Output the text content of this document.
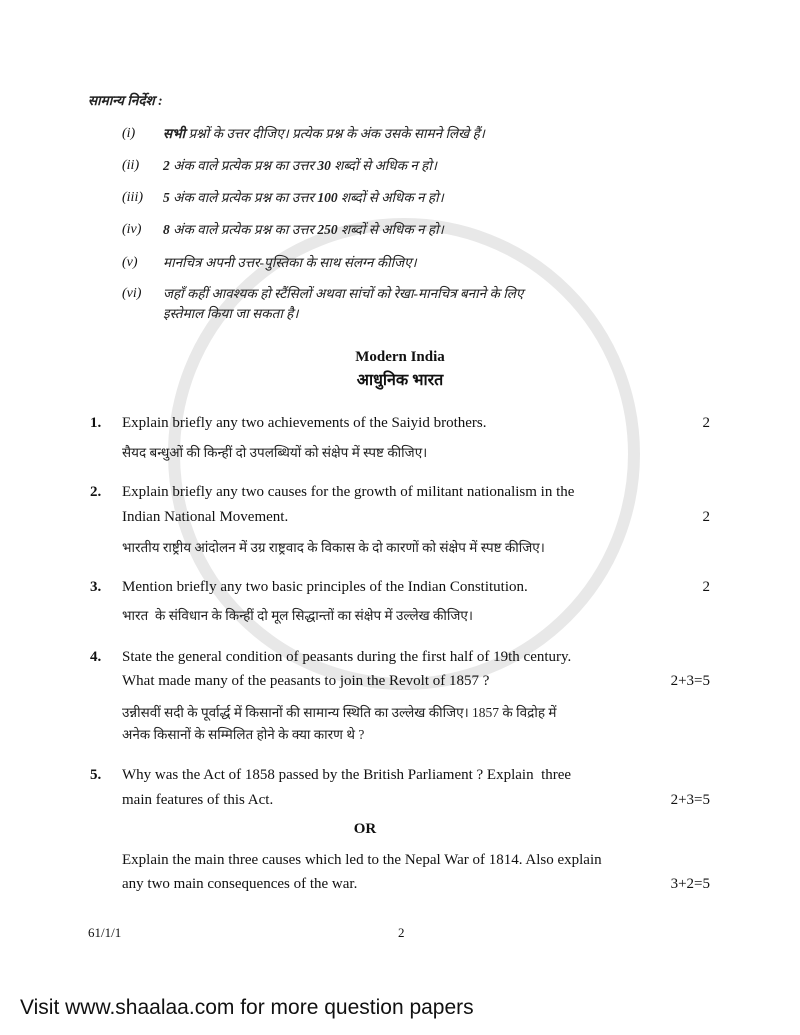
सामान्य निर्देश :
(i) सभी प्रश्नों के उत्तर दीजिए। प्रत्येक प्रश्न के अंक उसके सामने लिखे हैं।
(ii) 2 अंक वाले प्रत्येक प्रश्न का उत्तर 30 शब्दों से अधिक न हो।
(iii) 5 अंक वाले प्रत्येक प्रश्न का उत्तर 100 शब्दों से अधिक न हो।
(iv) 8 अंक वाले प्रत्येक प्रश्न का उत्तर 250 शब्दों से अधिक न हो।
(v) मानचित्र अपनी उत्तर-पुस्तिका के साथ संलग्न कीजिए।
(vi) जहाँ कहीं आवश्यक हो स्टैंसिलों अथवा सांचों को रेखा-मानचित्र बनाने के लिए
इस्तेमाल किया जा सकता है।
Modern India
आधुनिक भारत
1. Explain briefly any two achievements of the Saiyid brothers.	2
सैयद बन्धुओं की किन्हीं दो उपलब्धियों को संक्षेप में स्पष्ट कीजिए।
2. Explain briefly any two causes for the growth of militant nationalism in the
Indian National Movement.	2
भारतीय राष्ट्रीय आंदोलन में उग्र राष्ट्रवाद के विकास के दो कारणों को संक्षेप में स्पष्ट कीजिए।
3. Mention briefly any two basic principles of the Indian Constitution.	2
भारत  के संविधान के किन्हीं दो मूल सिद्धान्तों का संक्षेप में उल्लेख कीजिए।
4. State the general condition of peasants during the first half of 19th century.
What made many of the peasants to join the Revolt of 1857 ?	2+3=5
उन्नीसवीं सदी के पूर्वार्द्ध में किसानों की सामान्य स्थिति का उल्लेख कीजिए। 1857 के विद्रोह में
अनेक किसानों के सम्मिलित होने के क्या कारण थे ?
5. Why was the Act of 1858 passed by the British Parliament ? Explain  three
main features of this Act.	2+3=5
OR
Explain the main three causes which led to the Nepal War of 1814. Also explain
any two main consequences of the war.	3+2=5
61/1/1	2
Visit www.shaalaa.com for more question papers
